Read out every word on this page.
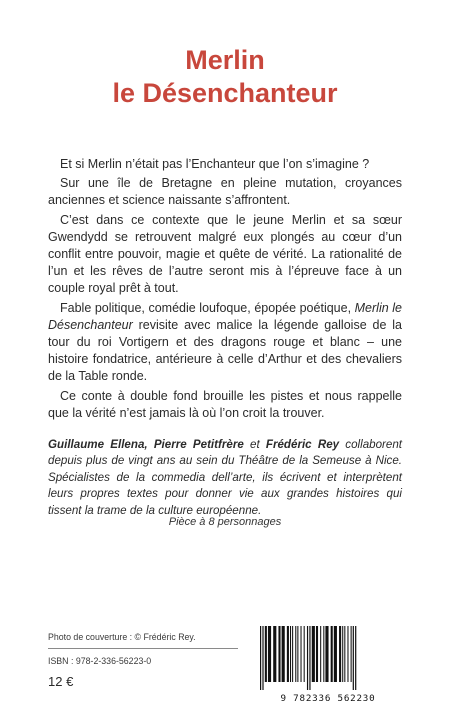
Merlin
le Désenchanteur

Et si Merlin n’était pas l’Enchanteur que l’on s’imagine ?

Sur une île de Bretagne en pleine mutation, croyances anciennes et science naissante s’affrontent.

C’est dans ce contexte que le jeune Merlin et sa sœur Gwendydd se retrouvent malgré eux plongés au cœur d’un conflit entre pouvoir, magie et quête de vérité. La rationalité de l’un et les rêves de l’autre seront mis à l’épreuve face à un couple royal prêt à tout.

Fable politique, comédie loufoque, épopée poétique, Merlin le Désenchanteur revisite avec malice la légende galloise de la tour du roi Vortigern et des dragons rouge et blanc – une histoire fondatrice, antérieure à celle d’Arthur et des chevaliers de la Table ronde.

Ce conte à double fond brouille les pistes et nous rappelle que la vérité n’est jamais là où l’on croit la trouver.

Guillaume Ellena, Pierre Petitfrère et Frédéric Rey collaborent depuis plus de vingt ans au sein du Théâtre de la Semeuse à Nice. Spécialistes de la commedia dell’arte, ils écrivent et interprètent leurs propres textes pour donner vie aux grandes histoires qui tissent la trame de la culture européenne.
Pièce à 8 personnages
Photo de couverture : © Frédéric Rey.
ISBN : 978-2-336-56223-0
12 €
9 782336 562230
